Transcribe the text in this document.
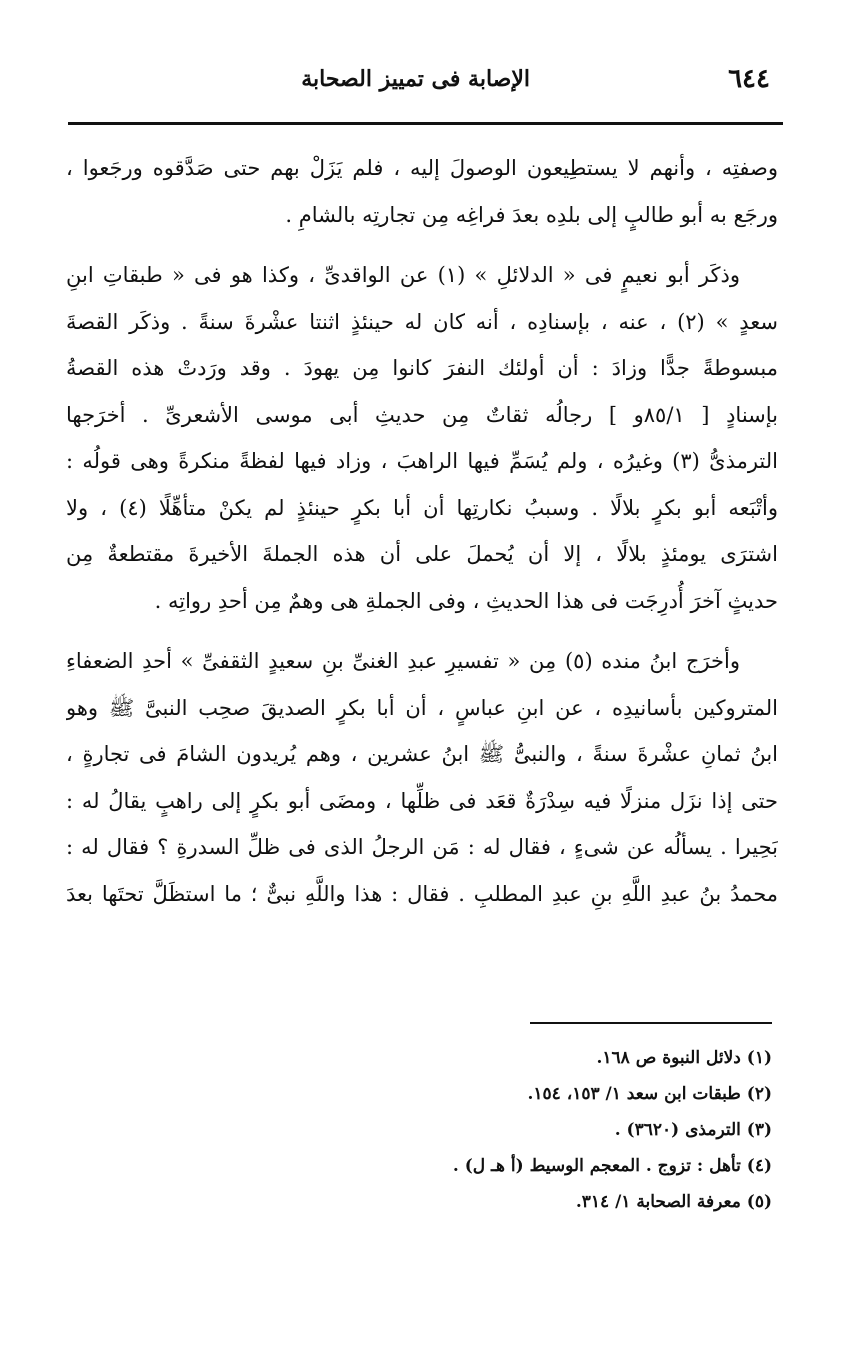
٦٤٤
الإصابة فى تمييز الصحابة
وصفتِه ، وأنهم لا يستطِيعون الوصولَ إليه ، فلم يَزَلْ بهم حتى صَدَّقوه ورجَعوا ،
ورجَع به أبو طالبٍ إلى بلدِه بعدَ فراغِه مِن تجارتِه بالشامِ .
وذكَر أبو نعيمٍ فى « الدلائلِ » (١) عن الواقدىِّ ، وكذا هو فى « طبقاتِ ابنِ
سعدٍ » (٢) ، عنه ، بإسنادِه ، أنه كان له حينئذٍ اثنتا عشْرةَ سنةً . وذكَر القصةَ
مبسوطةً جدًّا وزادَ : أن أولئك النفرَ كانوا مِن يهودَ . وقد ورَدتْ هذه القصةُ
بإسنادٍ [ ٨٥/١و ] رجالُه ثقاتٌ مِن حديثِ أبى موسى الأشعرىِّ . أخرَجها
الترمذىُّ (٣) وغيرُه ، ولم يُسَمِّ فيها الراهبَ ، وزاد فيها لفظةً منكرةً وهى قولُه :
وأتْبَعه أبو بكرٍ بلالًا . وسببُ نكارتِها أن أبا بكرٍ حينئذٍ لم يكنْ متأهِّلًا (٤) ، ولا
اشترَى يومئذٍ بلالًا ، إلا أن يُحملَ على أن هذه الجملةَ الأخيرةَ مقتطعةٌ مِن
حديثٍ آخرَ أُدرِجَت فى هذا الحديثِ ، وفى الجملةِ هى وهمٌ مِن أحدِ رواتِه .
وأخرَج ابنُ منده (٥) مِن « تفسيرِ عبدِ الغنىِّ بنِ سعيدٍ الثقفىِّ » أحدِ الضعفاءِ
المتروكين بأسانيدِه ، عن ابنِ عباسٍ ، أن أبا بكرٍ الصديقَ صحِب النبىَّ ﷺ وهو
ابنُ ثمانِ عشْرةَ سنةً ، والنبىُّ ﷺ ابنُ عشرين ، وهم يُريدون الشامَ فى تجارةٍ ،
حتى إذا نزَل منزلًا فيه سِدْرَةٌ قعَد فى ظلِّها ، ومضَى أبو بكرٍ إلى راهبٍ يقالُ له :
بَحِيرا . يسألُه عن شىءٍ ، فقال له : مَن الرجلُ الذى فى ظلِّ السدرةِ ؟ فقال له :
محمدُ بنُ عبدِ اللَّهِ بنِ عبدِ المطلبِ . فقال : هذا واللَّهِ نبىٌّ ؛ ما استظَلَّ تحتَها بعدَ
(١) دلائل النبوة ص ١٦٨.
(٢) طبقات ابن سعد ١/ ١٥٣، ١٥٤.
(٣) الترمذى (٣٦٢٠) .
(٤) تأهل : تزوج . المعجم الوسيط (أ هـ ل) .
(٥) معرفة الصحابة ١/ ٣١٤.
